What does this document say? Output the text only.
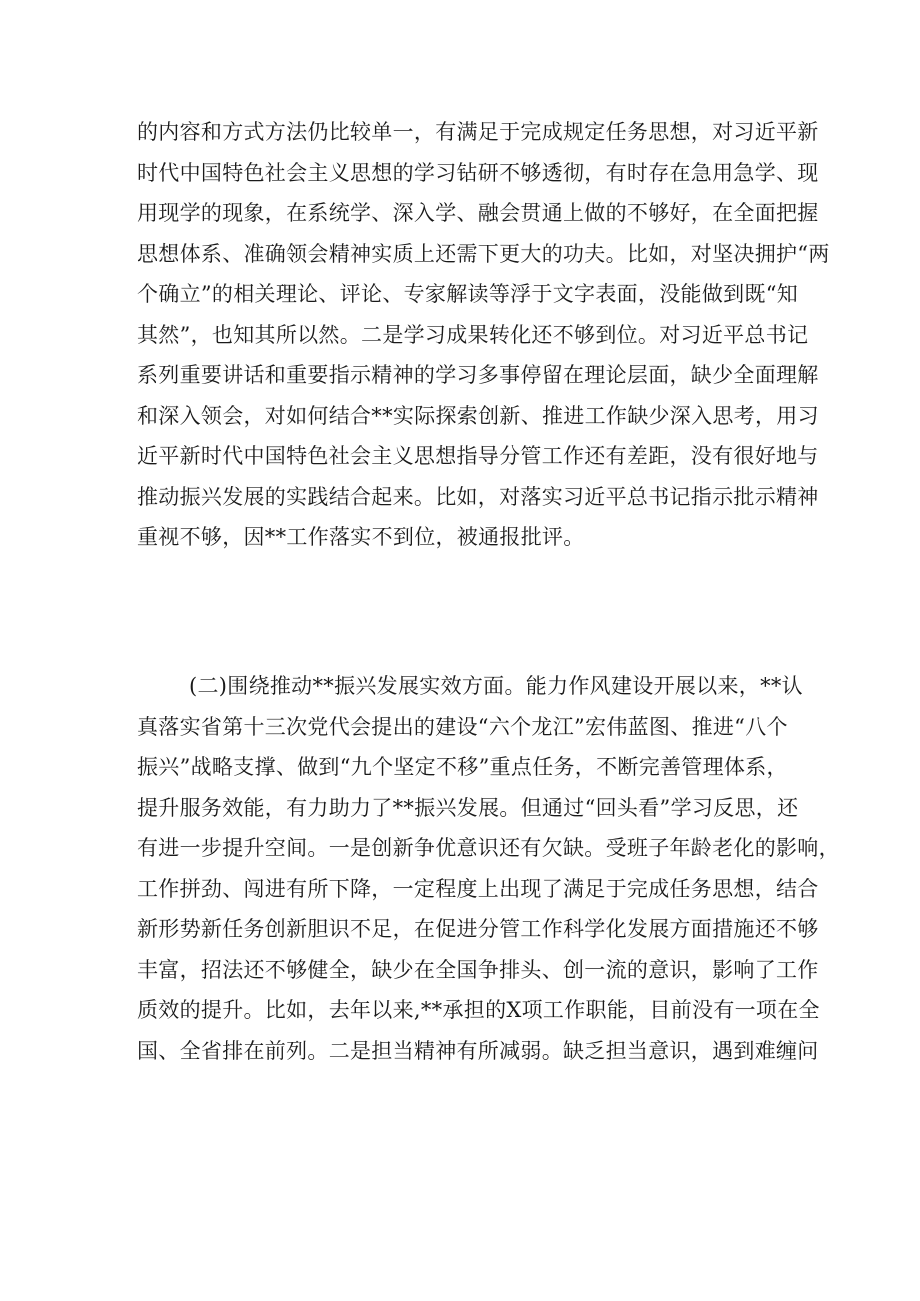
的内容和方式方法仍比较单一，有满足于完成规定任务思想，对习近平新
时代中国特色社会主义思想的学习钻研不够透彻，有时存在急用急学、现
用现学的现象，在系统学、深入学、融会贯通上做的不够好，在全面把握
思想体系、准确领会精神实质上还需下更大的功夫。比如，对坚决拥护“两
个确立”的相关理论、评论、专家解读等浮于文字表面，没能做到既“知
其然”，也知其所以然。二是学习成果转化还不够到位。对习近平总书记
系列重要讲话和重要指示精神的学习多事停留在理论层面，缺少全面理解
和深入领会，对如何结合**实际探索创新、推进工作缺少深入思考，用习
近平新时代中国特色社会主义思想指导分管工作还有差距，没有很好地与
推动振兴发展的实践结合起来。比如，对落实习近平总书记指示批示精神
重视不够，因**工作落实不到位，被通报批评。
(二)围绕推动**振兴发展实效方面。能力作风建设开展以来，**认
真落实省第十三次党代会提出的建设“六个龙江”宏伟蓝图、推进“八个
振兴”战略支撑、做到“九个坚定不移”重点任务，不断完善管理体系，
提升服务效能，有力助力了**振兴发展。但通过“回头看”学习反思，还
有进一步提升空间。一是创新争优意识还有欠缺。受班子年龄老化的影响，
工作拼劲、闯进有所下降，一定程度上出现了满足于完成任务思想，结合
新形势新任务创新胆识不足，在促进分管工作科学化发展方面措施还不够
丰富，招法还不够健全，缺少在全国争排头、创一流的意识，影响了工作
质效的提升。比如，去年以来,**承担的X项工作职能，目前没有一项在全
国、全省排在前列。二是担当精神有所减弱。缺乏担当意识，遇到难缠问
